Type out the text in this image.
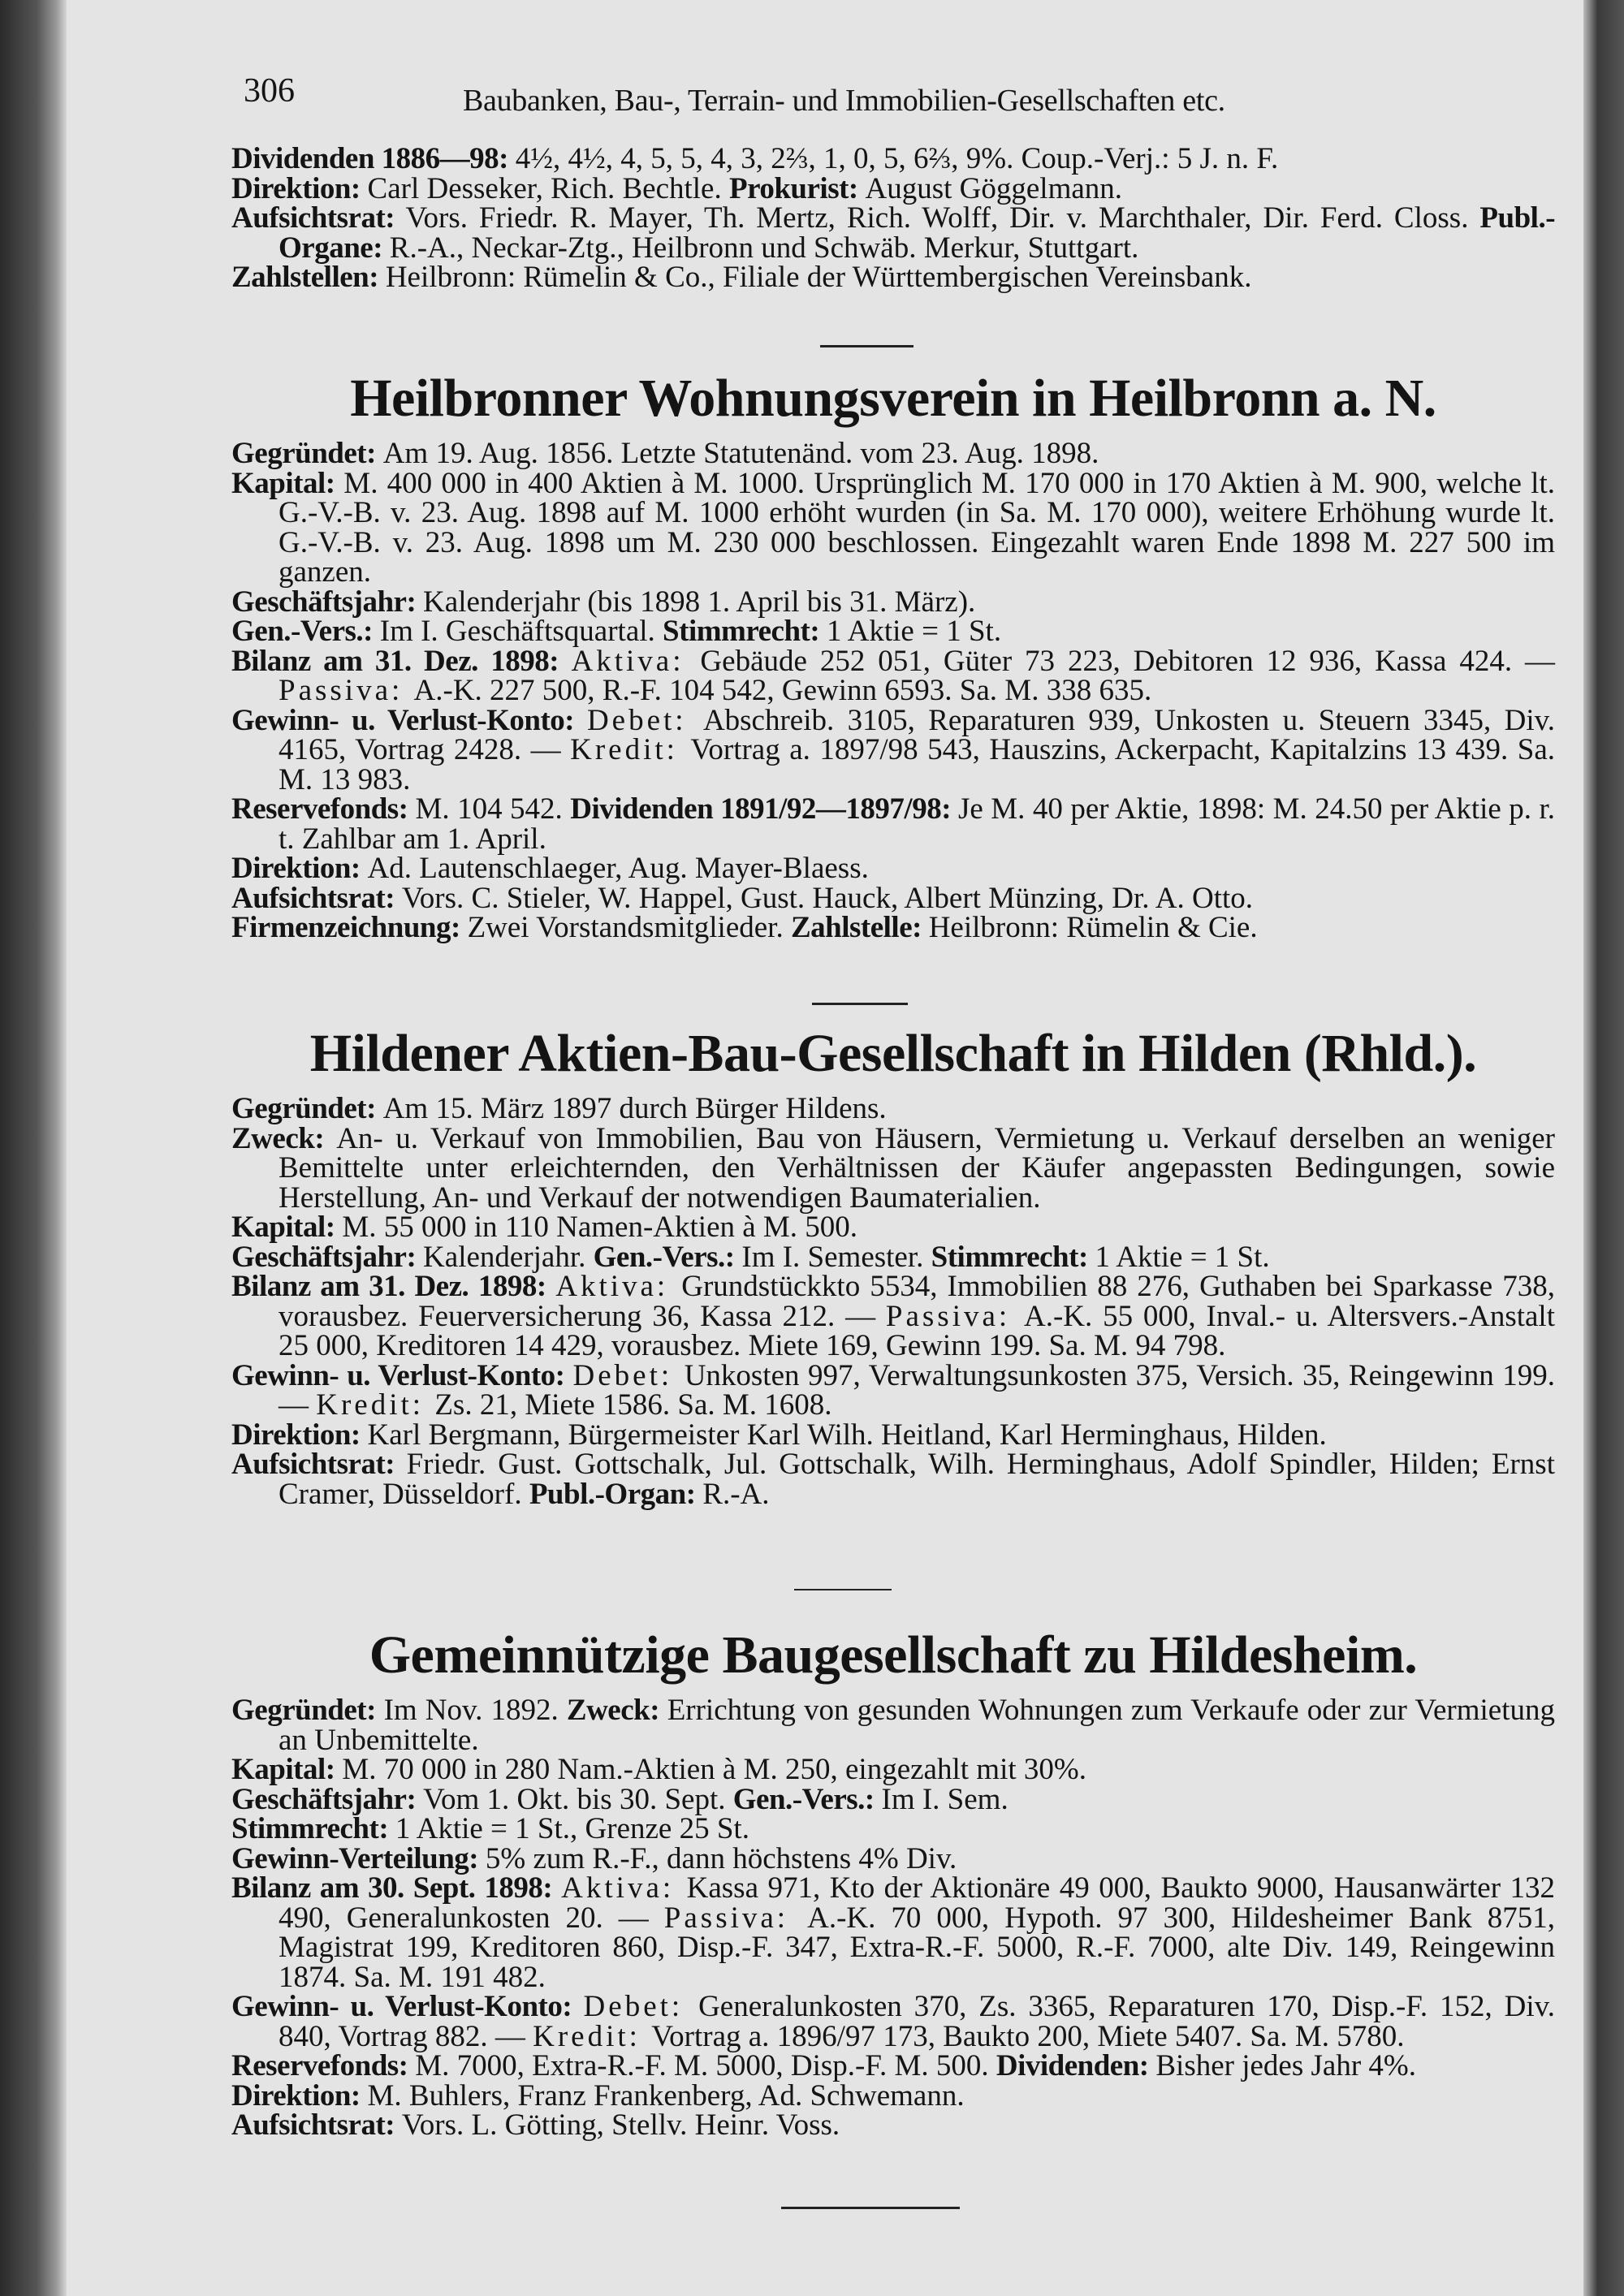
306	Baubanken, Bau-, Terrain- und Immobilien-Gesellschaften etc.

Dividenden 1886—98: 4½, 4½, 4, 5, 5, 4, 3, 2⅔, 1, 0, 5, 6⅔, 9%. Coup.-Verj.: 5 J. n. F.

Direktion: Carl Desseker, Rich. Bechtle. Prokurist: August Göggelmann.

Aufsichtsrat: Vors. Friedr. R. Mayer, Th. Mertz, Rich. Wolff, Dir. v. Marchthaler, Dir. Ferd. Closs. Publ.-Organe: R.-A., Neckar-Ztg., Heilbronn und Schwäb. Merkur, Stuttgart.

Zahlstellen: Heilbronn: Rümelin & Co., Filiale der Württembergischen Vereinsbank.

Heilbronner Wohnungsverein in Heilbronn a. N.

Gegründet: Am 19. Aug. 1856. Letzte Statutenänd. vom 23. Aug. 1898.

Kapital: M. 400 000 in 400 Aktien à M. 1000. Ursprünglich M. 170 000 in 170 Aktien à M. 900, welche lt. G.-V.-B. v. 23. Aug. 1898 auf M. 1000 erhöht wurden (in Sa. M. 170 000), weitere Erhöhung wurde lt. G.-V.-B. v. 23. Aug. 1898 um M. 230 000 beschlossen. Eingezahlt waren Ende 1898 M. 227 500 im ganzen.

Geschäftsjahr: Kalenderjahr (bis 1898 1. April bis 31. März).

Gen.-Vers.: Im I. Geschäftsquartal. Stimmrecht: 1 Aktie = 1 St.

Bilanz am 31. Dez. 1898: Aktiva: Gebäude 252 051, Güter 73 223, Debitoren 12 936, Kassa 424. — Passiva: A.-K. 227 500, R.-F. 104 542, Gewinn 6593. Sa. M. 338 635.

Gewinn- u. Verlust-Konto: Debet: Abschreib. 3105, Reparaturen 939, Unkosten u. Steuern 3345, Div. 4165, Vortrag 2428. — Kredit: Vortrag a. 1897/98 543, Hauszins, Ackerpacht, Kapitalzins 13 439. Sa. M. 13 983.

Reservefonds: M. 104 542. Dividenden 1891/92—1897/98: Je M. 40 per Aktie, 1898: M. 24.50 per Aktie p. r. t. Zahlbar am 1. April.

Direktion: Ad. Lautenschlaeger, Aug. Mayer-Blaess.

Aufsichtsrat: Vors. C. Stieler, W. Happel, Gust. Hauck, Albert Münzing, Dr. A. Otto.

Firmenzeichnung: Zwei Vorstandsmitglieder. Zahlstelle: Heilbronn: Rümelin & Cie.

Hildener Aktien-Bau-Gesellschaft in Hilden (Rhld.).

Gegründet: Am 15. März 1897 durch Bürger Hildens.

Zweck: An- u. Verkauf von Immobilien, Bau von Häusern, Vermietung u. Verkauf derselben an weniger Bemittelte unter erleichternden, den Verhältnissen der Käufer angepassten Bedingungen, sowie Herstellung, An- und Verkauf der notwendigen Baumaterialien.

Kapital: M. 55 000 in 110 Namen-Aktien à M. 500.

Geschäftsjahr: Kalenderjahr. Gen.-Vers.: Im I. Semester. Stimmrecht: 1 Aktie = 1 St.

Bilanz am 31. Dez. 1898: Aktiva: Grundstückkto 5534, Immobilien 88 276, Guthaben bei Sparkasse 738, vorausbez. Feuerversicherung 36, Kassa 212. — Passiva: A.-K. 55 000, Inval.- u. Altersvers.-Anstalt 25 000, Kreditoren 14 429, vorausbez. Miete 169, Gewinn 199. Sa. M. 94 798.

Gewinn- u. Verlust-Konto: Debet: Unkosten 997, Verwaltungsunkosten 375, Versich. 35, Reingewinn 199. — Kredit: Zs. 21, Miete 1586. Sa. M. 1608.

Direktion: Karl Bergmann, Bürgermeister Karl Wilh. Heitland, Karl Herminghaus, Hilden.

Aufsichtsrat: Friedr. Gust. Gottschalk, Jul. Gottschalk, Wilh. Herminghaus, Adolf Spindler, Hilden; Ernst Cramer, Düsseldorf. Publ.-Organ: R.-A.

Gemeinnützige Baugesellschaft zu Hildesheim.

Gegründet: Im Nov. 1892. Zweck: Errichtung von gesunden Wohnungen zum Verkaufe oder zur Vermietung an Unbemittelte.

Kapital: M. 70 000 in 280 Nam.-Aktien à M. 250, eingezahlt mit 30%.

Geschäftsjahr: Vom 1. Okt. bis 30. Sept. Gen.-Vers.: Im I. Sem.

Stimmrecht: 1 Aktie = 1 St., Grenze 25 St.

Gewinn-Verteilung: 5% zum R.-F., dann höchstens 4% Div.

Bilanz am 30. Sept. 1898: Aktiva: Kassa 971, Kto der Aktionäre 49 000, Baukto 9000, Hausanwärter 132 490, Generalunkosten 20. — Passiva: A.-K. 70 000, Hypoth. 97 300, Hildesheimer Bank 8751, Magistrat 199, Kreditoren 860, Disp.-F. 347, Extra-R.-F. 5000, R.-F. 7000, alte Div. 149, Reingewinn 1874. Sa. M. 191 482.

Gewinn- u. Verlust-Konto: Debet: Generalunkosten 370, Zs. 3365, Reparaturen 170, Disp.-F. 152, Div. 840, Vortrag 882. — Kredit: Vortrag a. 1896/97 173, Baukto 200, Miete 5407. Sa. M. 5780.

Reservefonds: M. 7000, Extra-R.-F. M. 5000, Disp.-F. M. 500. Dividenden: Bisher jedes Jahr 4%.

Direktion: M. Buhlers, Franz Frankenberg, Ad. Schwemann.

Aufsichtsrat: Vors. L. Götting, Stellv. Heinr. Voss.
